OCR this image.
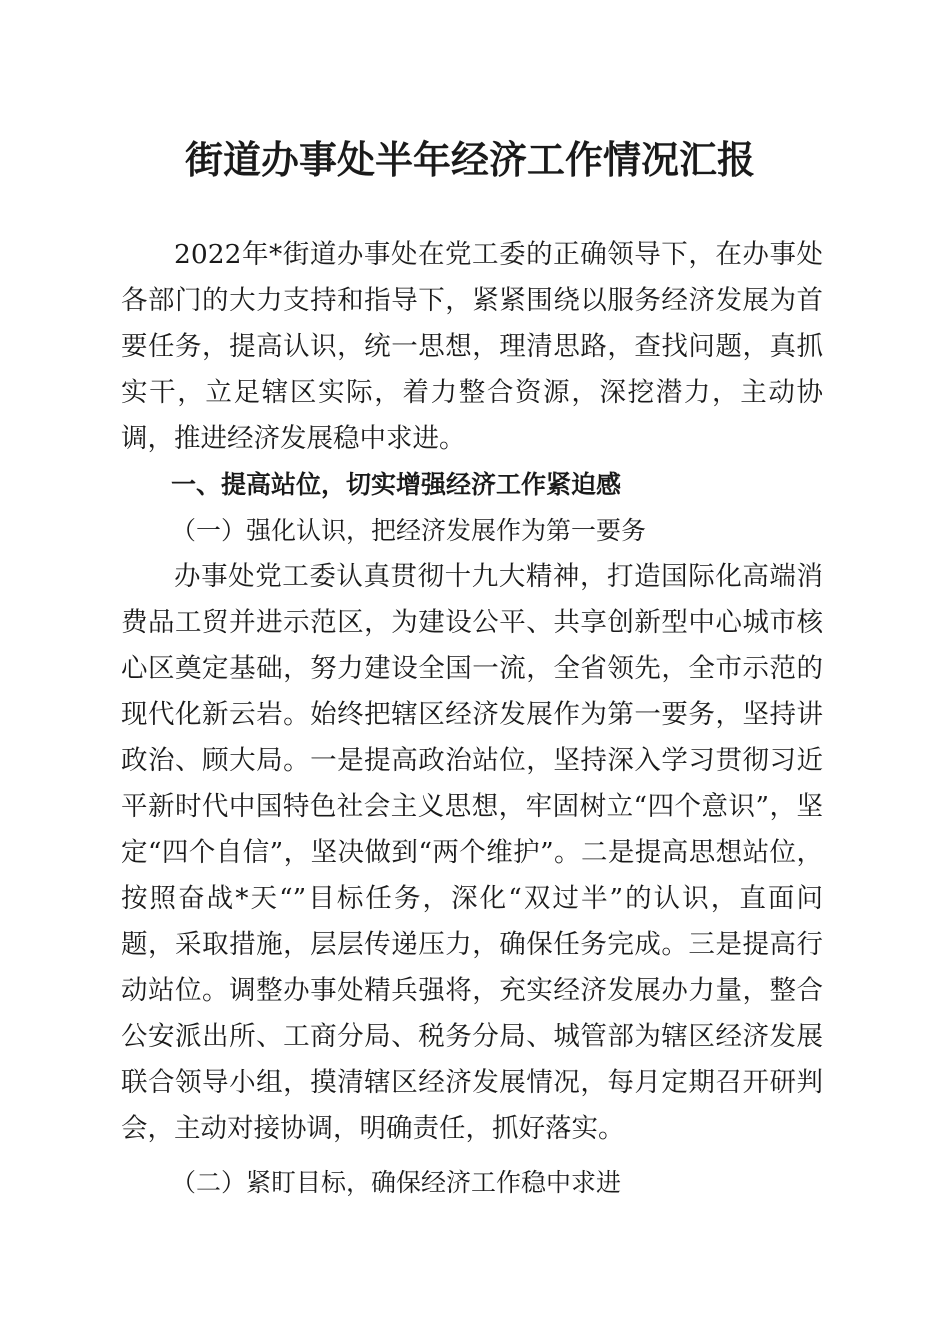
街道办事处半年经济工作情况汇报

2022年*街道办事处在党工委的正确领导下，在办事处各部门的大力支持和指导下，紧紧围绕以服务经济发展为首要任务，提高认识，统一思想，理清思路，查找问题，真抓实干，立足辖区实际，着力整合资源，深挖潜力，主动协调，推进经济发展稳中求进。

一、提高站位，切实增强经济工作紧迫感

（一）强化认识，把经济发展作为第一要务

办事处党工委认真贯彻十九大精神，打造国际化高端消费品工贸并进示范区，为建设公平、共享创新型中心城市核心区奠定基础，努力建设全国一流，全省领先，全市示范的现代化新云岩。始终把辖区经济发展作为第一要务，坚持讲政治、顾大局。一是提高政治站位，坚持深入学习贯彻习近平新时代中国特色社会主义思想，牢固树立“四个意识”，坚定“四个自信”，坚决做到“两个维护”。二是提高思想站位，按照奋战*天“”目标任务，深化“双过半”的认识，直面问题，采取措施，层层传递压力，确保任务完成。三是提高行动站位。调整办事处精兵强将，充实经济发展办力量，整合公安派出所、工商分局、税务分局、城管部为辖区经济发展联合领导小组，摸清辖区经济发展情况，每月定期召开研判会，主动对接协调，明确责任，抓好落实。

（二）紧盯目标，确保经济工作稳中求进
